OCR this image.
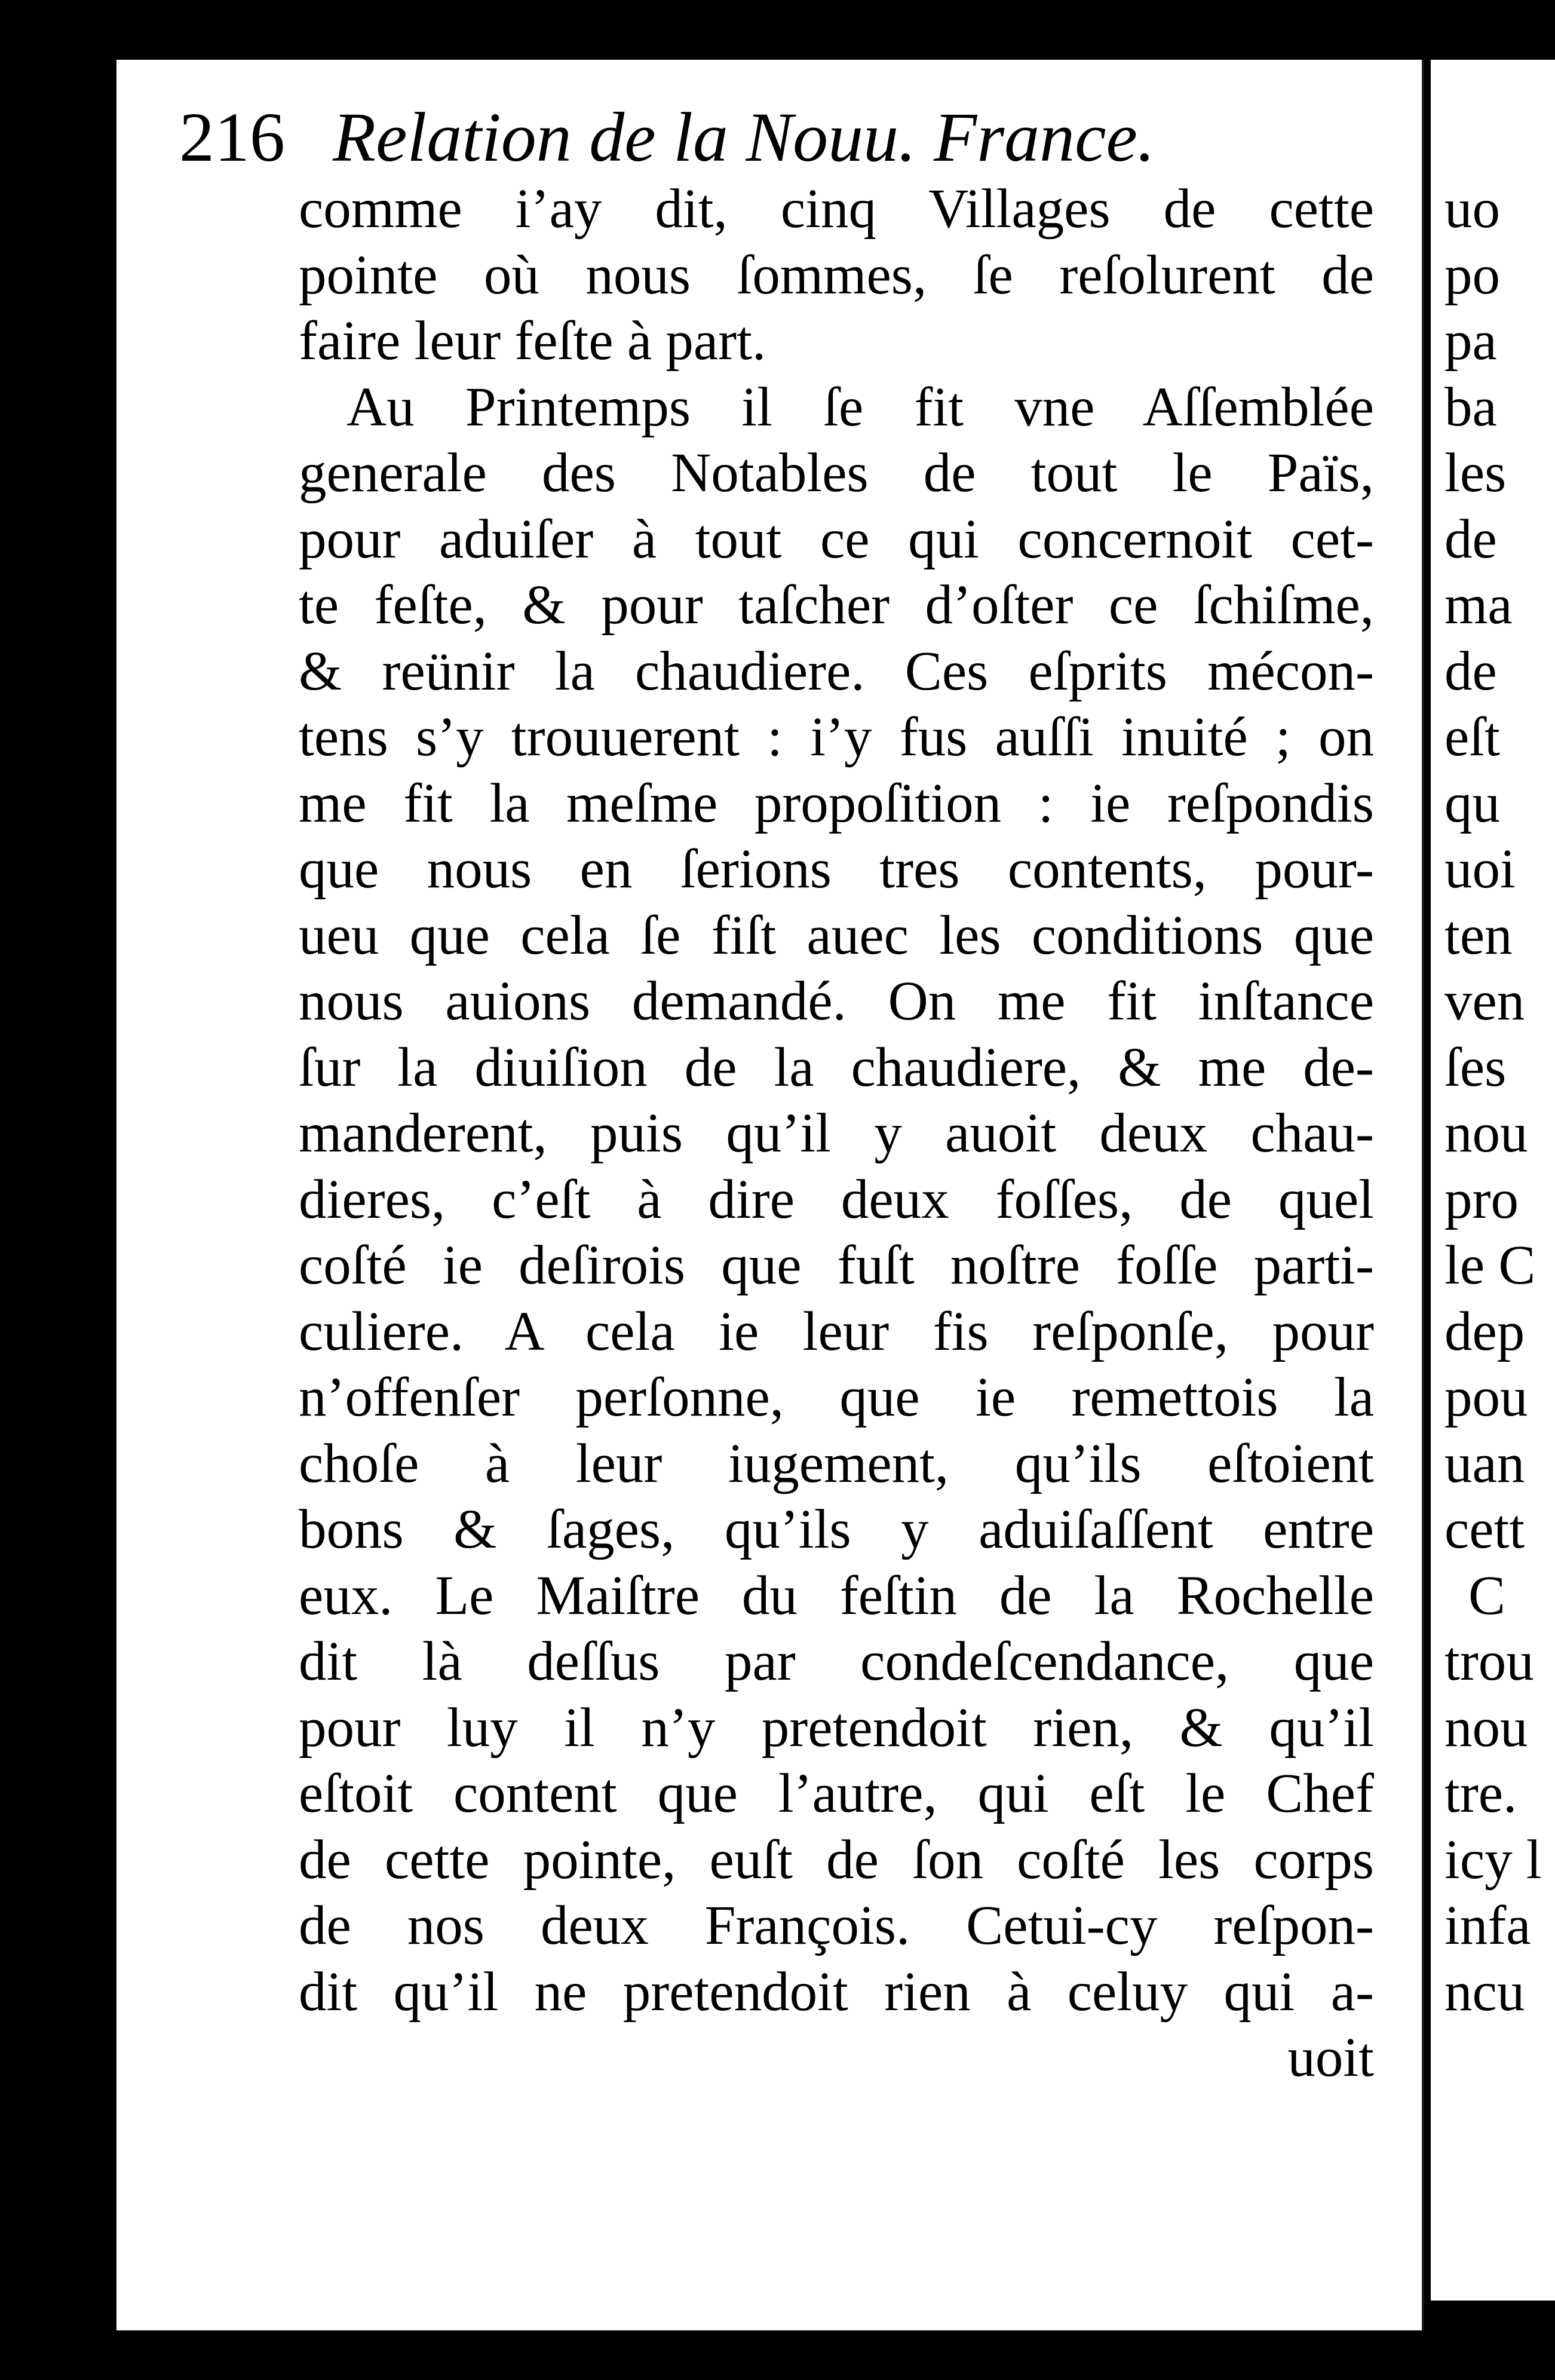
216 Relation de la Nouu. France.
comme i’ay dit, cinq Villages de cette
pointe où nous ſommes, ſe reſolurent de
faire leur feſte à part.
Au Printemps il ſe fit vne Aſſemblée
generale des Notables de tout le Païs,
pour aduiſer à tout ce qui concernoit cet-
te feſte, & pour taſcher d’oſter ce ſchiſme,
& reünir la chaudiere. Ces eſprits mécon-
tens s’y trouuerent : i’y fus auſſi inuité ; on
me fit la meſme propoſition : ie reſpondis
que nous en ſerions tres contents, pour-
ueu que cela ſe fiſt auec les conditions que
nous auions demandé. On me fit inſtance
ſur la diuiſion de la chaudiere, & me de-
manderent, puis qu’il y auoit deux chau-
dieres, c’eſt à dire deux foſſes, de quel
coſté ie deſirois que fuſt noſtre foſſe parti-
culiere. A cela ie leur fis reſponſe, pour
n’offenſer perſonne, que ie remettois la
choſe à leur iugement, qu’ils eſtoient
bons & ſages, qu’ils y aduiſaſſent entre
eux. Le Maiſtre du feſtin de la Rochelle
dit là deſſus par condeſcendance, que
pour luy il n’y pretendoit rien, & qu’il
eſtoit content que l’autre, qui eſt le Chef
de cette pointe, euſt de ſon coſté les corps
de nos deux François. Cetui-cy reſpon-
dit qu’il ne pretendoit rien à celuy qui a-
uoit
uo
po
pa
ba
les
de
ma
de
eſt
qu
uoi
ten
ven
ſes
nou
pro
le C
dep
pou
uan
cett
C
trou
nou
tre.
icy l
infa
ncu
